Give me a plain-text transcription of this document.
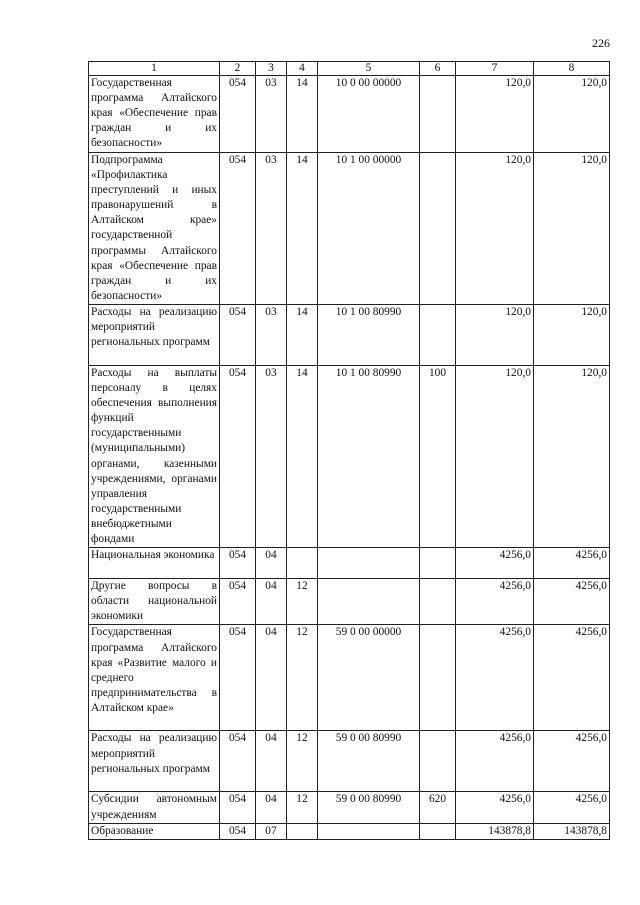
226
1	2	3	4	5	6	7	8
Государственная программа Алтайского края «Обеспечение прав граждан и их безопасности»	054	03	14	10 0 00 00000		120,0	120,0
Подпрограмма «Профилактика преступлений и иных правонарушений в Алтайском крае» государственной программы Алтайского края «Обеспечение прав граждан и их безопасности»	054	03	14	10 1 00 00000		120,0	120,0
Расходы на реализацию мероприятий региональных программ	054	03	14	10 1 00 80990		120,0	120,0
Расходы на выплаты персоналу в целях обеспечения выполнения функций государственными (муниципальными) органами, казенными учреждениями, органами управления государственными внебюджетными фондами	054	03	14	10 1 00 80990	100	120,0	120,0
Национальная экономика	054	04				4256,0	4256,0
Другие вопросы в области национальной экономики	054	04	12			4256,0	4256,0
Государственная программа Алтайского края «Развитие малого и среднего предпринимательства в Алтайском крае»	054	04	12	59 0 00 00000		4256,0	4256,0
Расходы на реализацию мероприятий региональных программ	054	04	12	59 0 00 80990		4256,0	4256,0
Субсидии автономным учреждениям	054	04	12	59 0 00 80990	620	4256,0	4256,0
Образование	054	07				143878,8	143878,8
